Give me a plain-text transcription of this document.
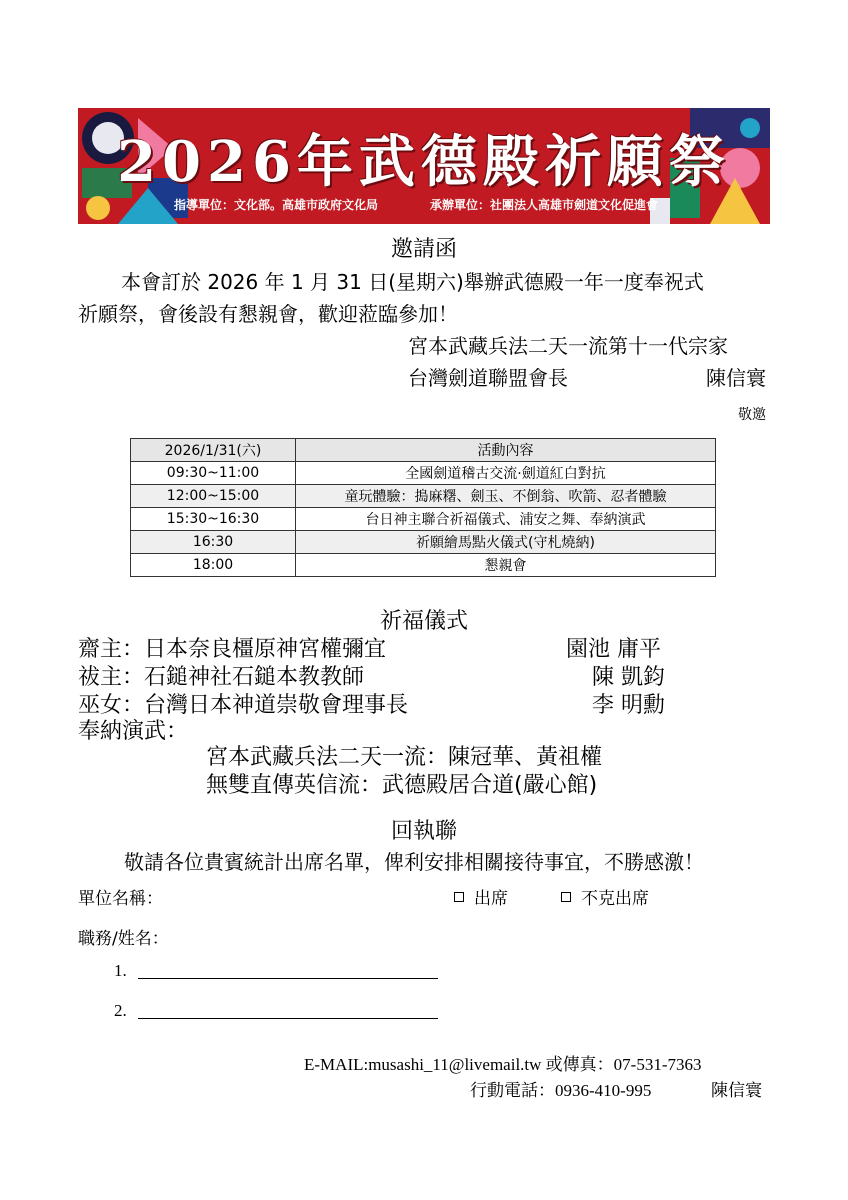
2026年武德殿祈願祭
指導單位：文化部。高雄市政府文化局	承辦單位：社團法人高雄市劍道文化促進會
邀請函
本會訂於 2026 年 1 月 31 日(星期六)舉辦武德殿一年一度奉祝式
祈願祭，會後設有懇親會，歡迎蒞臨參加！
宮本武藏兵法二天一流第十一代宗家
台灣劍道聯盟會長	陳信寰
敬邀
2026/1/31(六)	活動內容
09:30~11:00	全國劍道稽古交流·劍道紅白對抗
12:00~15:00	童玩體驗：搗麻糬、劍玉、不倒翁、吹箭、忍者體驗
15:30~16:30	台日神主聯合祈福儀式、浦安之舞、奉納演武
16:30	祈願繪馬點火儀式(守札燒納)
18:00	懇親會
祈福儀式
齋主：日本奈良橿原神宮權彌宜	園池 庸平
祓主：石鎚神社石鎚本教教師	陳 凱鈞
巫女：台灣日本神道崇敬會理事長	李 明勳
奉納演武：
宮本武藏兵法二天一流：陳冠華、黃祖權
無雙直傳英信流：武德殿居合道(嚴心館)
回執聯
敬請各位貴賓統計出席名單，俾利安排相關接待事宜，不勝感激！
單位名稱：	出席	不克出席
職務/姓名：
1.
2.
E-MAIL:musashi_11@livemail.tw 或傳真：07-531-7363
行動電話：0936-410-995	陳信寰
